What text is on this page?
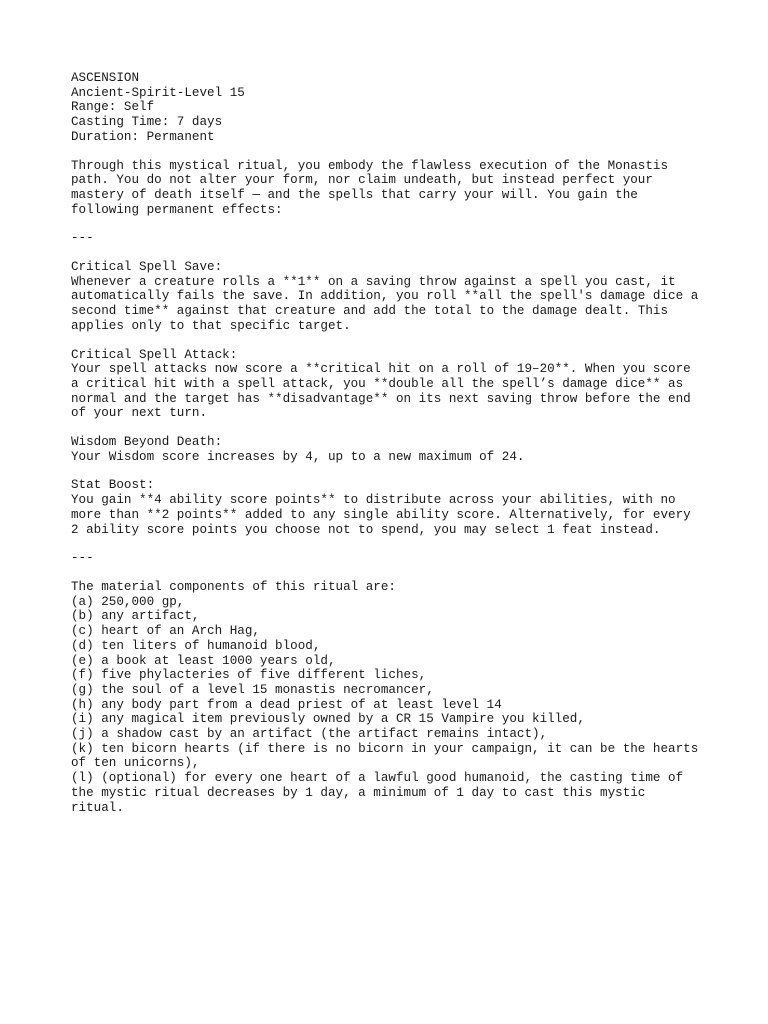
ASCENSION
Ancient-Spirit-Level 15
Range: Self
Casting Time: 7 days
Duration: Permanent
Through this mystical ritual, you embody the flawless execution of the Monastis
path. You do not alter your form, nor claim undeath, but instead perfect your
mastery of death itself — and the spells that carry your will. You gain the
following permanent effects:
---
Critical Spell Save:
Whenever a creature rolls a **1** on a saving throw against a spell you cast, it
automatically fails the save. In addition, you roll **all the spell's damage dice a
second time** against that creature and add the total to the damage dealt. This
applies only to that specific target.
Critical Spell Attack:
Your spell attacks now score a **critical hit on a roll of 19–20**. When you score
a critical hit with a spell attack, you **double all the spell’s damage dice** as
normal and the target has **disadvantage** on its next saving throw before the end
of your next turn.
Wisdom Beyond Death:
Your Wisdom score increases by 4, up to a new maximum of 24.
Stat Boost:
You gain **4 ability score points** to distribute across your abilities, with no
more than **2 points** added to any single ability score. Alternatively, for every
2 ability score points you choose not to spend, you may select 1 feat instead.
---
The material components of this ritual are:
(a) 250,000 gp,
(b) any artifact,
(c) heart of an Arch Hag,
(d) ten liters of humanoid blood,
(e) a book at least 1000 years old,
(f) five phylacteries of five different liches,
(g) the soul of a level 15 monastis necromancer,
(h) any body part from a dead priest of at least level 14
(i) any magical item previously owned by a CR 15 Vampire you killed,
(j) a shadow cast by an artifact (the artifact remains intact),
(k) ten bicorn hearts (if there is no bicorn in your campaign, it can be the hearts
of ten unicorns),
(l) (optional) for every one heart of a lawful good humanoid, the casting time of
the mystic ritual decreases by 1 day, a minimum of 1 day to cast this mystic
ritual.
